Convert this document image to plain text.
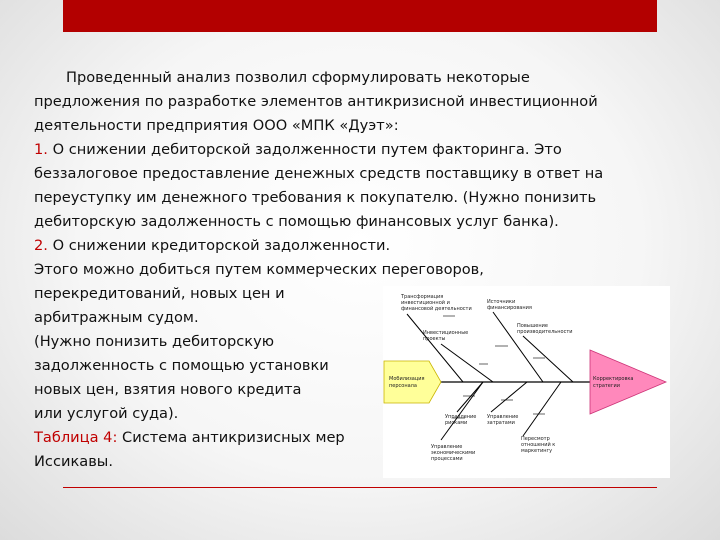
Проведенный анализ позволил сформулировать некоторые
предложения по разработке элементов антикризисной инвестиционной
деятельности предприятия ООО «МПК «Дуэт»:
1. О снижении дебиторской задолженности путем факторинга. Это
беззалоговое предоставление денежных средств поставщику в ответ на
переуступку им денежного требования к покупателю. (Нужно понизить
дебиторскую задолженность с помощью финансовых услуг банка).
2. О снижении кредиторской задолженности.
Этого можно добиться путем коммерческих переговоров,
перекредитований, новых цен и
арбитражным судом.
(Нужно понизить дебиторскую
задолженность с помощью установки
новых цен, взятия нового кредита
или услугой суда).
Таблица 4: Система антикризисных мер
Иссикавы.
Мобилизация
персонала
Корректировка
стратегии
Трансформация
инвестиционной и
финансовой деятельности
Источники
финансирования
Инвестиционные
проекты
Повышение
производительности
Управление
рисками
Управление
затратами
Пересмотр
отношений к
маркетингу
Управление
экономическими
процессами
